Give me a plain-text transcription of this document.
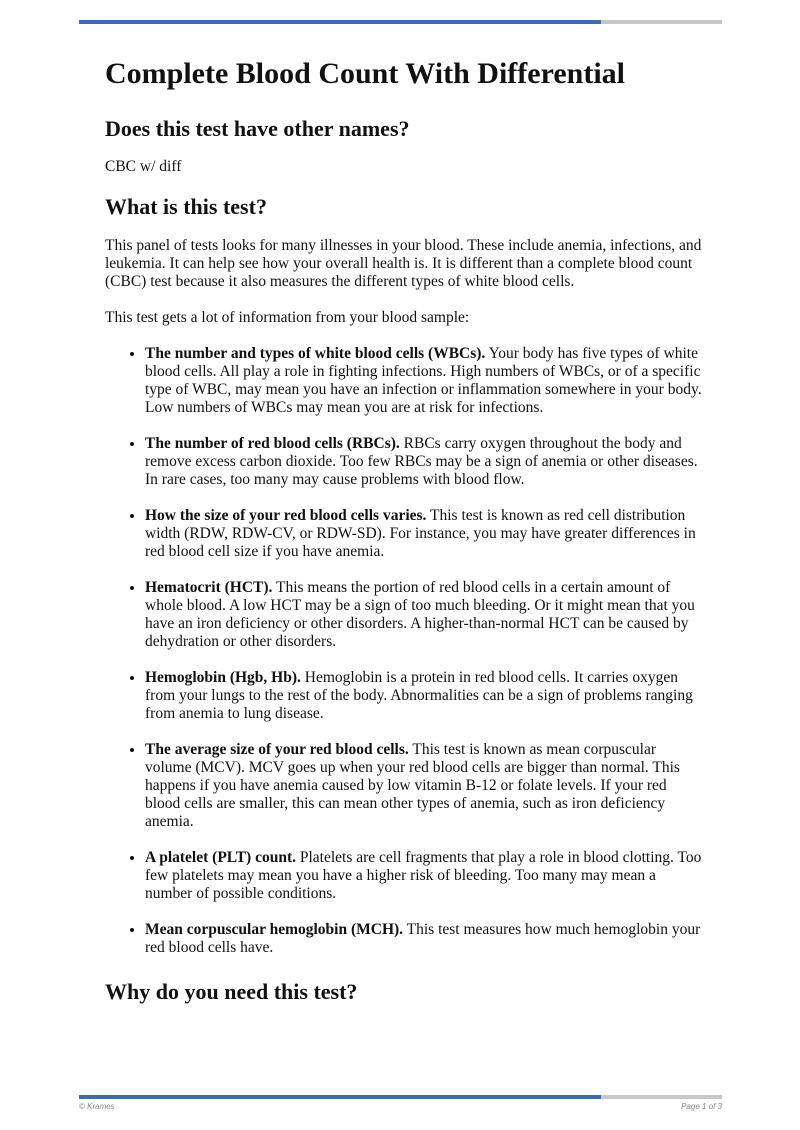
Complete Blood Count With Differential
Does this test have other names?

CBC w/ diff

What is this test?

This panel of tests looks for many illnesses in your blood. These include anemia, infections, and leukemia. It can help see how your overall health is. It is different than a complete blood count (CBC) test because it also measures the different types of white blood cells.

This test gets a lot of information from your blood sample:

• The number and types of white blood cells (WBCs). Your body has five types of white blood cells. All play a role in fighting infections. High numbers of WBCs, or of a specific type of WBC, may mean you have an infection or inflammation somewhere in your body. Low numbers of WBCs may mean you are at risk for infections.
• The number of red blood cells (RBCs). RBCs carry oxygen throughout the body and remove excess carbon dioxide. Too few RBCs may be a sign of anemia or other diseases. In rare cases, too many may cause problems with blood flow.
• How the size of your red blood cells varies. This test is known as red cell distribution width (RDW, RDW-CV, or RDW-SD). For instance, you may have greater differences in red blood cell size if you have anemia.
• Hematocrit (HCT). This means the portion of red blood cells in a certain amount of whole blood. A low HCT may be a sign of too much bleeding. Or it might mean that you have an iron deficiency or other disorders. A higher-than-normal HCT can be caused by dehydration or other disorders.
• Hemoglobin (Hgb, Hb). Hemoglobin is a protein in red blood cells. It carries oxygen from your lungs to the rest of the body. Abnormalities can be a sign of problems ranging from anemia to lung disease.
• The average size of your red blood cells. This test is known as mean corpuscular volume (MCV). MCV goes up when your red blood cells are bigger than normal. This happens if you have anemia caused by low vitamin B-12 or folate levels. If your red blood cells are smaller, this can mean other types of anemia, such as iron deficiency anemia.
• A platelet (PLT) count. Platelets are cell fragments that play a role in blood clotting. Too few platelets may mean you have a higher risk of bleeding. Too many may mean a number of possible conditions.
• Mean corpuscular hemoglobin (MCH). This test measures how much hemoglobin your red blood cells have.
Why do you need this test?
© Krames	Page 1 of 3
